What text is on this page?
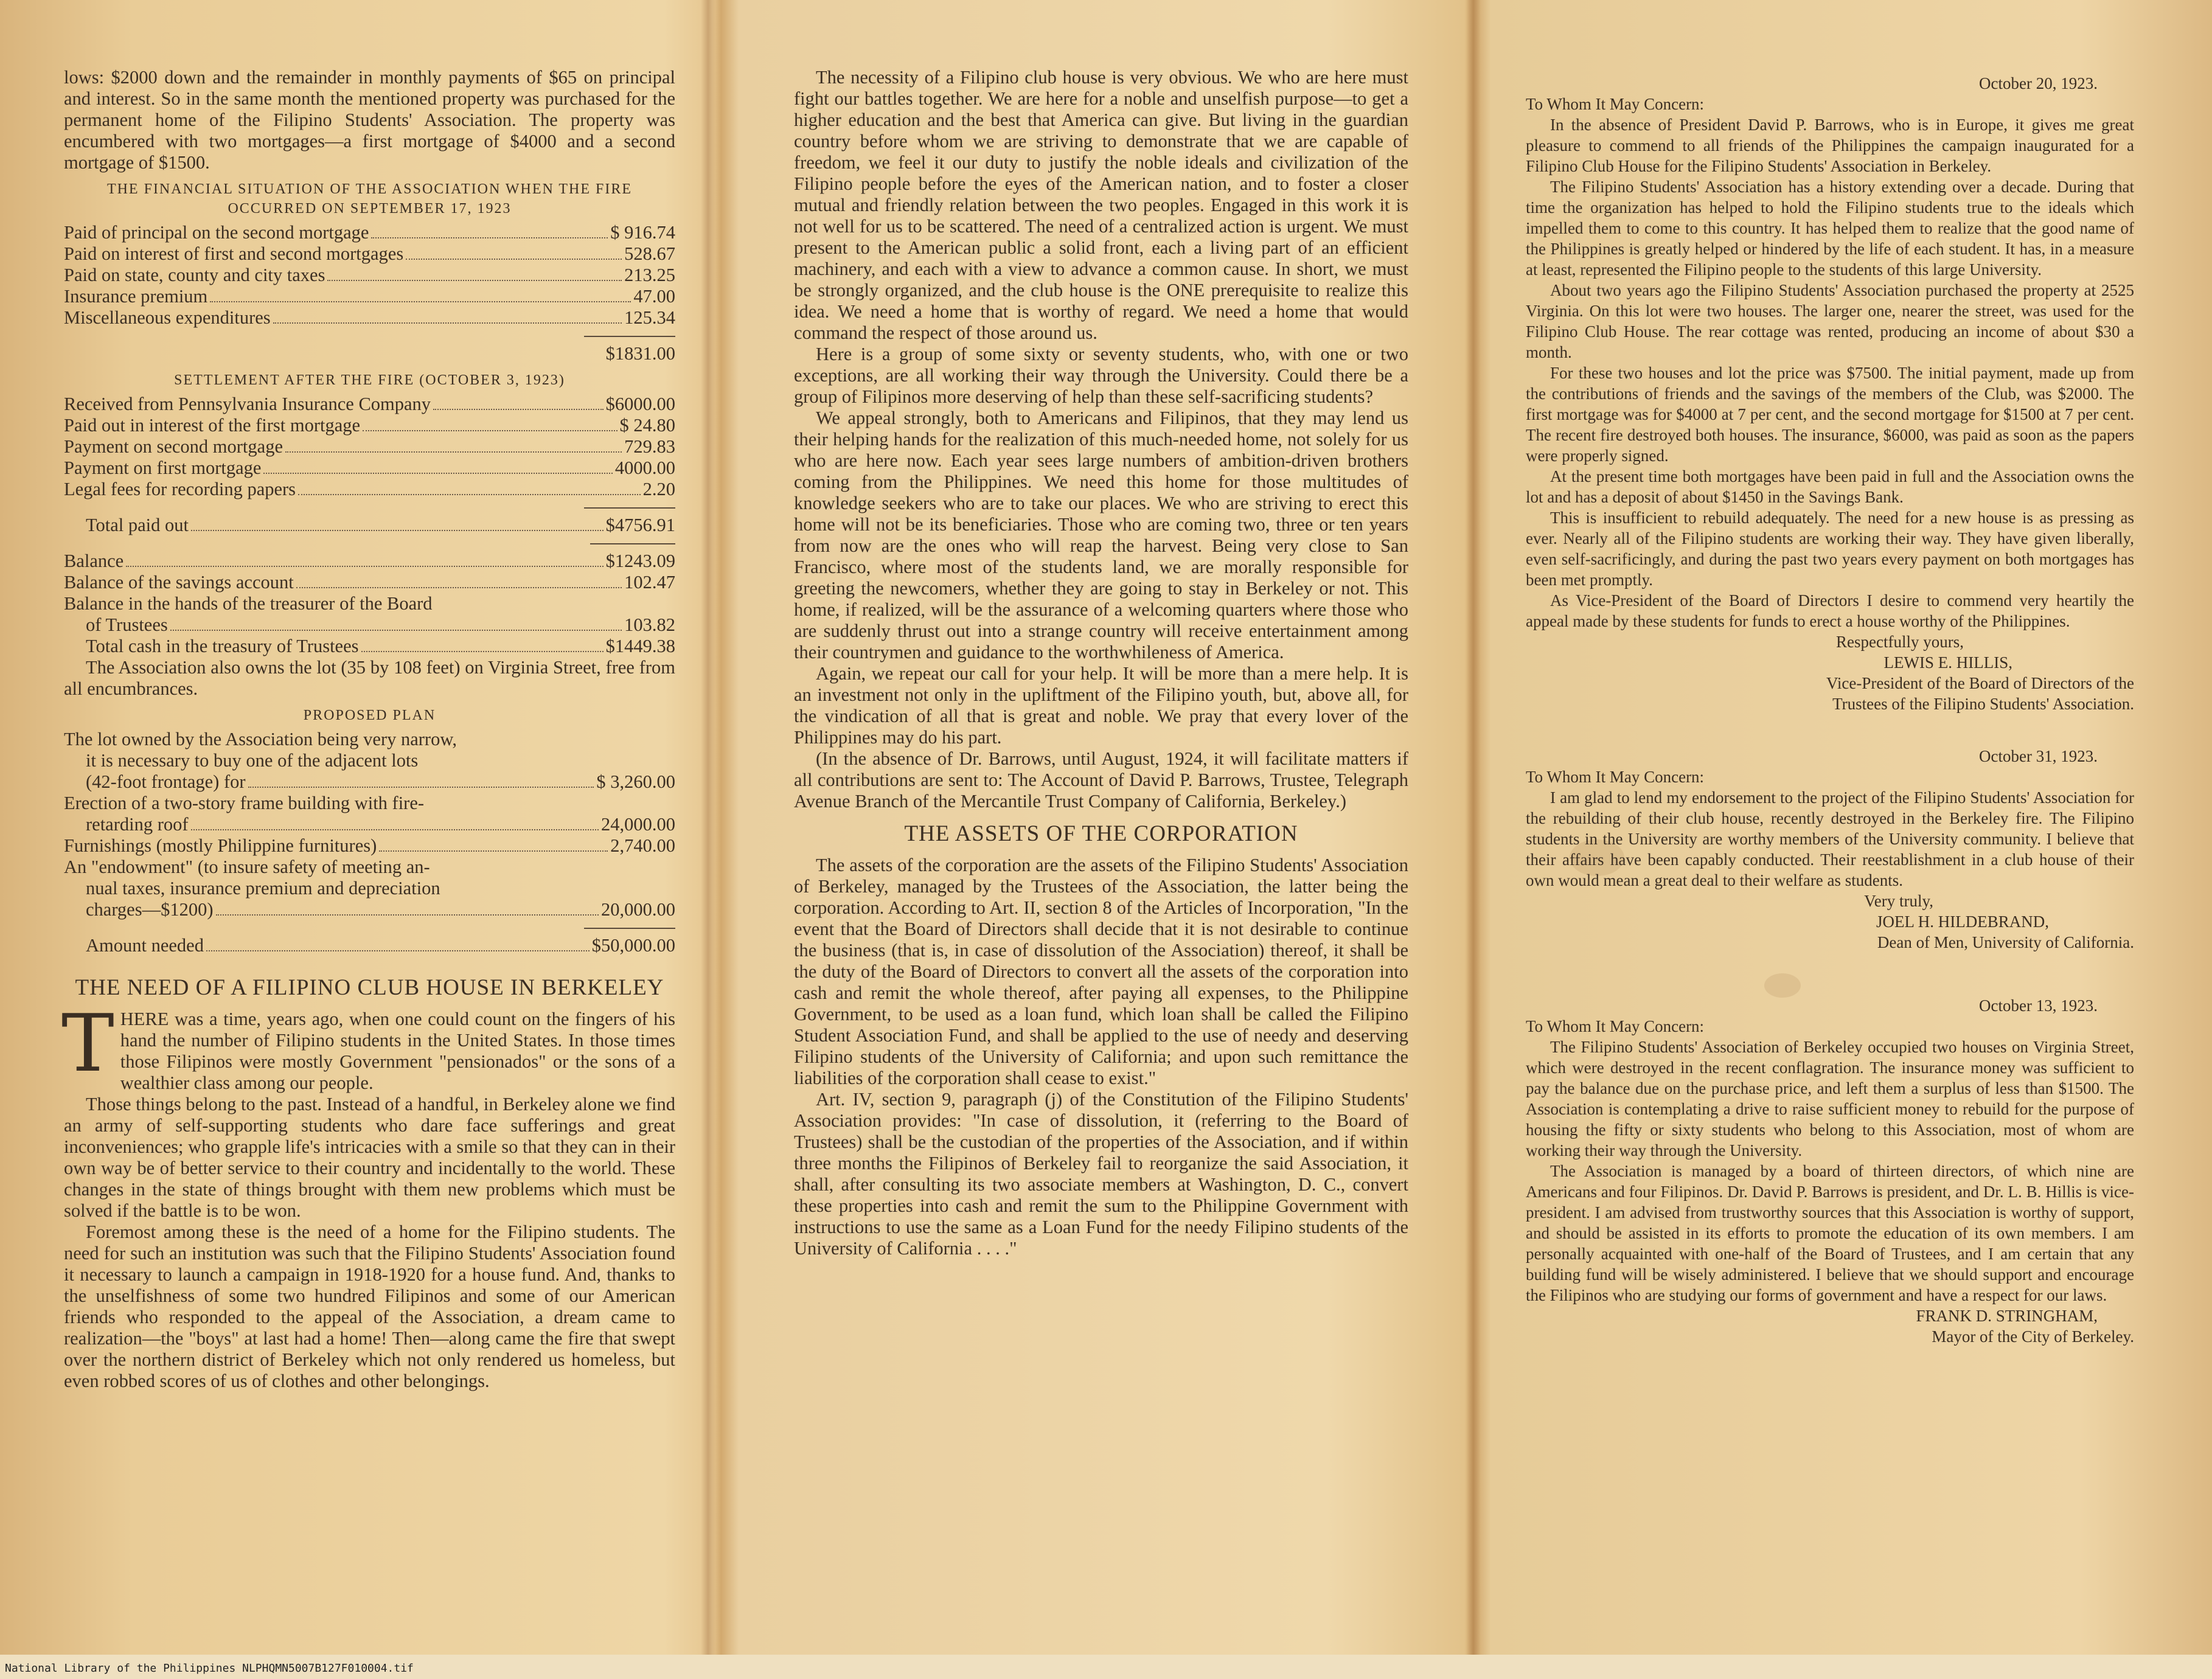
lows: $2000 down and the remainder in monthly payments of $65 on principal and interest. So in the same month the mentioned property was purchased for the permanent home of the Filipino Students' Association. The property was encumbered with two mortgages—a first mortgage of $4000 and a second mortgage of $1500.

THE FINANCIAL SITUATION OF THE ASSOCIATION WHEN THE FIRE OCCURRED ON SEPTEMBER 17, 1923
Paid of principal on the second mortgage	$ 916.74
Paid on interest of first and second mortgages	528.67
Paid on state, county and city taxes	213.25
Insurance premium	47.00
Miscellaneous expenditures	125.34
$1831.00
SETTLEMENT AFTER THE FIRE (OCTOBER 3, 1923)
Received from Pennsylvania Insurance Company	$6000.00
Paid out in interest of the first mortgage	$ 24.80
Payment on second mortgage	729.83
Payment on first mortgage	4000.00
Legal fees for recording papers	2.20
Total paid out	$4756.91
Balance	$1243.09
Balance of the savings account	102.47
Balance in the hands of the treasurer of the Board
of Trustees	103.82
Total cash in the treasury of Trustees	$1449.38

The Association also owns the lot (35 by 108 feet) on Virginia Street, free from all encumbrances.

PROPOSED PLAN
The lot owned by the Association being very narrow,
it is necessary to buy one of the adjacent lots
(42-foot frontage) for	$ 3,260.00
Erection of a two-story frame building with fire-
retarding roof	24,000.00
Furnishings (mostly Philippine furnitures)	2,740.00
An "endowment" (to insure safety of meeting an-
nual taxes, insurance premium and depreciation
charges—$1200)	20,000.00
Amount needed	$50,000.00
THE NEED OF A FILIPINO CLUB HOUSE IN BERKELEY

THERE was a time, years ago, when one could count on the fingers of his hand the number of Filipino students in the United States. In those times those Filipinos were mostly Government "pensionados" or the sons of a wealthier class among our people.

Those things belong to the past. Instead of a handful, in Berkeley alone we find an army of self-supporting students who dare face sufferings and great inconveniences; who grapple life's intricacies with a smile so that they can in their own way be of better service to their country and incidentally to the world. These changes in the state of things brought with them new problems which must be solved if the battle is to be won.

Foremost among these is the need of a home for the Filipino students. The need for such an institution was such that the Filipino Students' Association found it necessary to launch a campaign in 1918-1920 for a house fund. And, thanks to the unselfishness of some two hundred Filipinos and some of our American friends who responded to the appeal of the Association, a dream came to realization—the "boys" at last had a home! Then—along came the fire that swept over the northern district of Berkeley which not only rendered us homeless, but even robbed scores of us of clothes and other belongings.

The necessity of a Filipino club house is very obvious. We who are here must fight our battles together. We are here for a noble and unselfish purpose—to get a higher education and the best that America can give. But living in the guardian country before whom we are striving to demonstrate that we are capable of freedom, we feel it our duty to justify the noble ideals and civilization of the Filipino people before the eyes of the American nation, and to foster a closer mutual and friendly relation between the two peoples. Engaged in this work it is not well for us to be scattered. The need of a centralized action is urgent. We must present to the American public a solid front, each a living part of an efficient machinery, and each with a view to advance a common cause. In short, we must be strongly organized, and the club house is the ONE prerequisite to realize this idea. We need a home that is worthy of regard. We need a home that would command the respect of those around us.

Here is a group of some sixty or seventy students, who, with one or two exceptions, are all working their way through the University. Could there be a group of Filipinos more deserving of help than these self-sacrificing students?

We appeal strongly, both to Americans and Filipinos, that they may lend us their helping hands for the realization of this much-needed home, not solely for us who are here now. Each year sees large numbers of ambition-driven brothers coming from the Philippines. We need this home for those multitudes of knowledge seekers who are to take our places. We who are striving to erect this home will not be its beneficiaries. Those who are coming two, three or ten years from now are the ones who will reap the harvest. Being very close to San Francisco, where most of the students land, we are morally responsible for greeting the newcomers, whether they are going to stay in Berkeley or not. This home, if realized, will be the assurance of a welcoming quarters where those who are suddenly thrust out into a strange country will receive entertainment among their countrymen and guidance to the worthwhileness of America.

Again, we repeat our call for your help. It will be more than a mere help. It is an investment not only in the upliftment of the Filipino youth, but, above all, for the vindication of all that is great and noble. We pray that every lover of the Philippines may do his part.

(In the absence of Dr. Barrows, until August, 1924, it will facilitate matters if all contributions are sent to: The Account of David P. Barrows, Trustee, Telegraph Avenue Branch of the Mercantile Trust Company of California, Berkeley.)

THE ASSETS OF THE CORPORATION

The assets of the corporation are the assets of the Filipino Students' Association of Berkeley, managed by the Trustees of the Association, the latter being the corporation. According to Art. II, section 8 of the Articles of Incorporation, "In the event that the Board of Directors shall decide that it is not desirable to continue the business (that is, in case of dissolution of the Association) thereof, it shall be the duty of the Board of Directors to convert all the assets of the corporation into cash and remit the whole thereof, after paying all expenses, to the Philippine Government, to be used as a loan fund, which loan shall be called the Filipino Student Association Fund, and shall be applied to the use of needy and deserving Filipino students of the University of California; and upon such remittance the liabilities of the corporation shall cease to exist."

Art. IV, section 9, paragraph (j) of the Constitution of the Filipino Students' Association provides: "In case of dissolution, it (referring to the Board of Trustees) shall be the custodian of the properties of the Association, and if within three months the Filipinos of Berkeley fail to reorganize the said Association, it shall, after consulting its two associate members at Washington, D. C., convert these properties into cash and remit the sum to the Philippine Government with instructions to use the same as a Loan Fund for the needy Filipino students of the University of California . . . ."

October 20, 1923.
To Whom It May Concern:

In the absence of President David P. Barrows, who is in Europe, it gives me great pleasure to commend to all friends of the Philippines the campaign inaugurated for a Filipino Club House for the Filipino Students' Association in Berkeley.

The Filipino Students' Association has a history extending over a decade. During that time the organization has helped to hold the Filipino students true to the ideals which impelled them to come to this country. It has helped them to realize that the good name of the Philippines is greatly helped or hindered by the life of each student. It has, in a measure at least, represented the Filipino people to the students of this large University.

About two years ago the Filipino Students' Association purchased the property at 2525 Virginia. On this lot were two houses. The larger one, nearer the street, was used for the Filipino Club House. The rear cottage was rented, producing an income of about $30 a month.

For these two houses and lot the price was $7500. The initial payment, made up from the contributions of friends and the savings of the members of the Club, was $2000. The first mortgage was for $4000 at 7 per cent, and the second mortgage for $1500 at 7 per cent. The recent fire destroyed both houses. The insurance, $6000, was paid as soon as the papers were properly signed.

At the present time both mortgages have been paid in full and the Association owns the lot and has a deposit of about $1450 in the Savings Bank.

This is insufficient to rebuild adequately. The need for a new house is as pressing as ever. Nearly all of the Filipino students are working their way. They have given liberally, even self-sacrificingly, and during the past two years every payment on both mortgages has been met promptly.

As Vice-President of the Board of Directors I desire to commend very heartily the appeal made by these students for funds to erect a house worthy of the Philippines.

Respectfully yours,
LEWIS E. HILLIS,
Vice-President of the Board of Directors of the
Trustees of the Filipino Students' Association.
October 31, 1923.
To Whom It May Concern:

I am glad to lend my endorsement to the project of the Filipino Students' Association for the rebuilding of their club house, recently destroyed in the Berkeley fire. The Filipino students in the University are worthy members of the University community. I believe that their affairs have been capably conducted. Their reestablishment in a club house of their own would mean a great deal to their welfare as students.

Very truly,
JOEL H. HILDEBRAND,
Dean of Men, University of California.
October 13, 1923.
To Whom It May Concern:

The Filipino Students' Association of Berkeley occupied two houses on Virginia Street, which were destroyed in the recent conflagration. The insurance money was sufficient to pay the balance due on the purchase price, and left them a surplus of less than $1500. The Association is contemplating a drive to raise sufficient money to rebuild for the purpose of housing the fifty or sixty students who belong to this Association, most of whom are working their way through the University.

The Association is managed by a board of thirteen directors, of which nine are Americans and four Filipinos. Dr. David P. Barrows is president, and Dr. L. B. Hillis is vice-president. I am advised from trustworthy sources that this Association is worthy of support, and should be assisted in its efforts to promote the education of its own members. I am personally acquainted with one-half of the Board of Trustees, and I am certain that any building fund will be wisely administered. I believe that we should support and encourage the Filipinos who are studying our forms of government and have a respect for our laws.

FRANK D. STRINGHAM,
Mayor of the City of Berkeley.
National Library of the Philippines NLPHQMN5007B127F010004.tif
